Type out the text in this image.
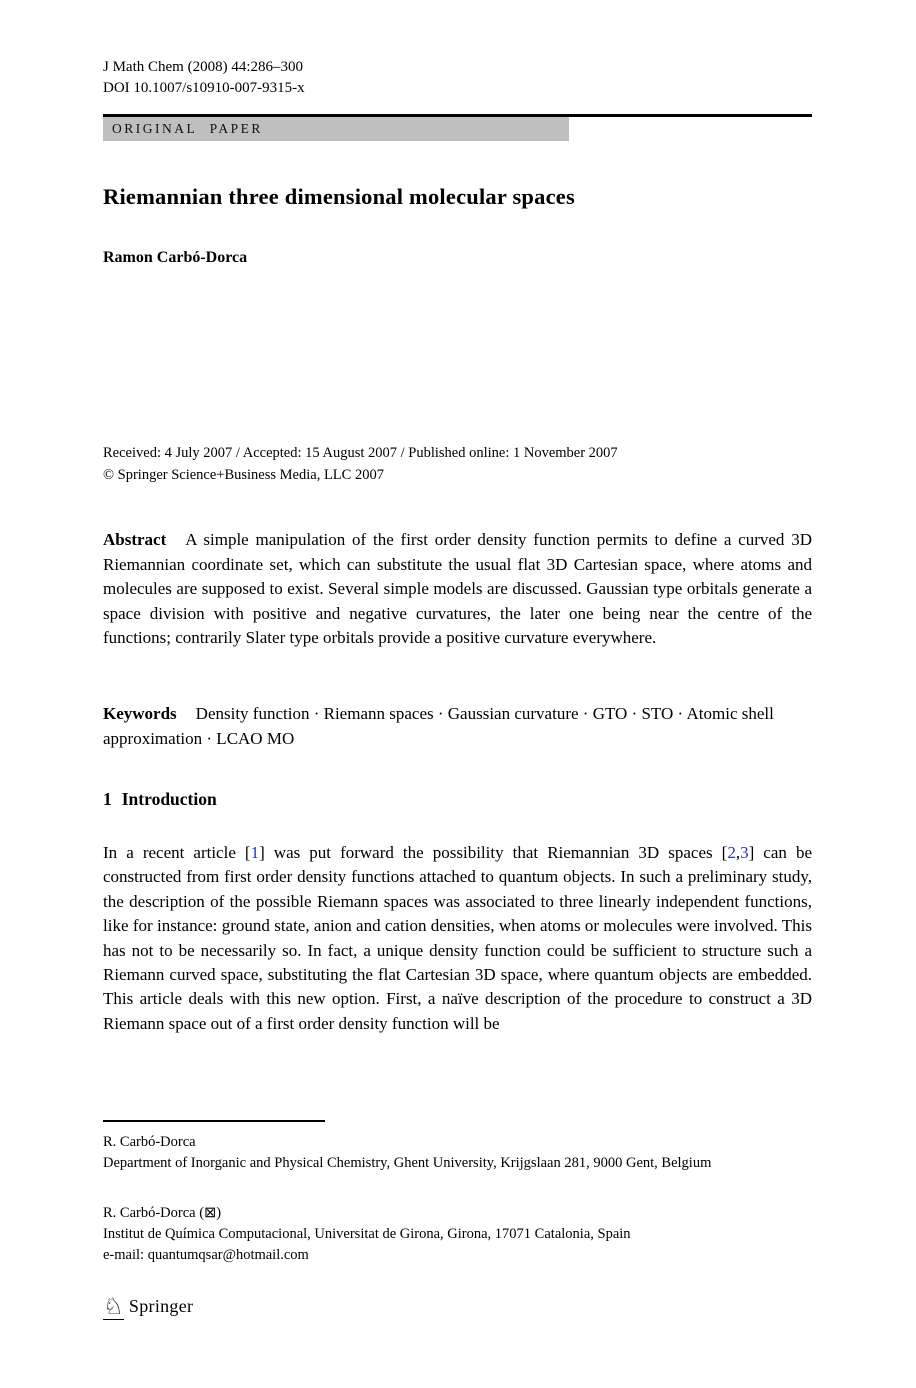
J Math Chem (2008) 44:286–300
DOI 10.1007/s10910-007-9315-x
ORIGINAL PAPER
Riemannian three dimensional molecular spaces
Ramon Carbó-Dorca
Received: 4 July 2007 / Accepted: 15 August 2007 / Published online: 1 November 2007
© Springer Science+Business Media, LLC 2007
Abstract A simple manipulation of the first order density function permits to define a curved 3D Riemannian coordinate set, which can substitute the usual flat 3D Cartesian space, where atoms and molecules are supposed to exist. Several simple models are discussed. Gaussian type orbitals generate a space division with positive and negative curvatures, the later one being near the centre of the functions; contrarily Slater type orbitals provide a positive curvature everywhere.
Keywords Density function · Riemann spaces · Gaussian curvature · GTO · STO · Atomic shell approximation · LCAO MO
1 Introduction
In a recent article [1] was put forward the possibility that Riemannian 3D spaces [2,3] can be constructed from first order density functions attached to quantum objects. In such a preliminary study, the description of the possible Riemann spaces was associated to three linearly independent functions, like for instance: ground state, anion and cation densities, when atoms or molecules were involved. This has not to be necessarily so. In fact, a unique density function could be sufficient to structure such a Riemann curved space, substituting the flat Cartesian 3D space, where quantum objects are embedded. This article deals with this new option. First, a naïve description of the procedure to construct a 3D Riemann space out of a first order density function will be
R. Carbó-Dorca
Department of Inorganic and Physical Chemistry, Ghent University, Krijgslaan 281, 9000 Gent, Belgium
R. Carbó-Dorca (⊠)
Institut de Química Computacional, Universitat de Girona, Girona, 17071 Catalonia, Spain
e-mail: quantumqsar@hotmail.com
♘ Springer
